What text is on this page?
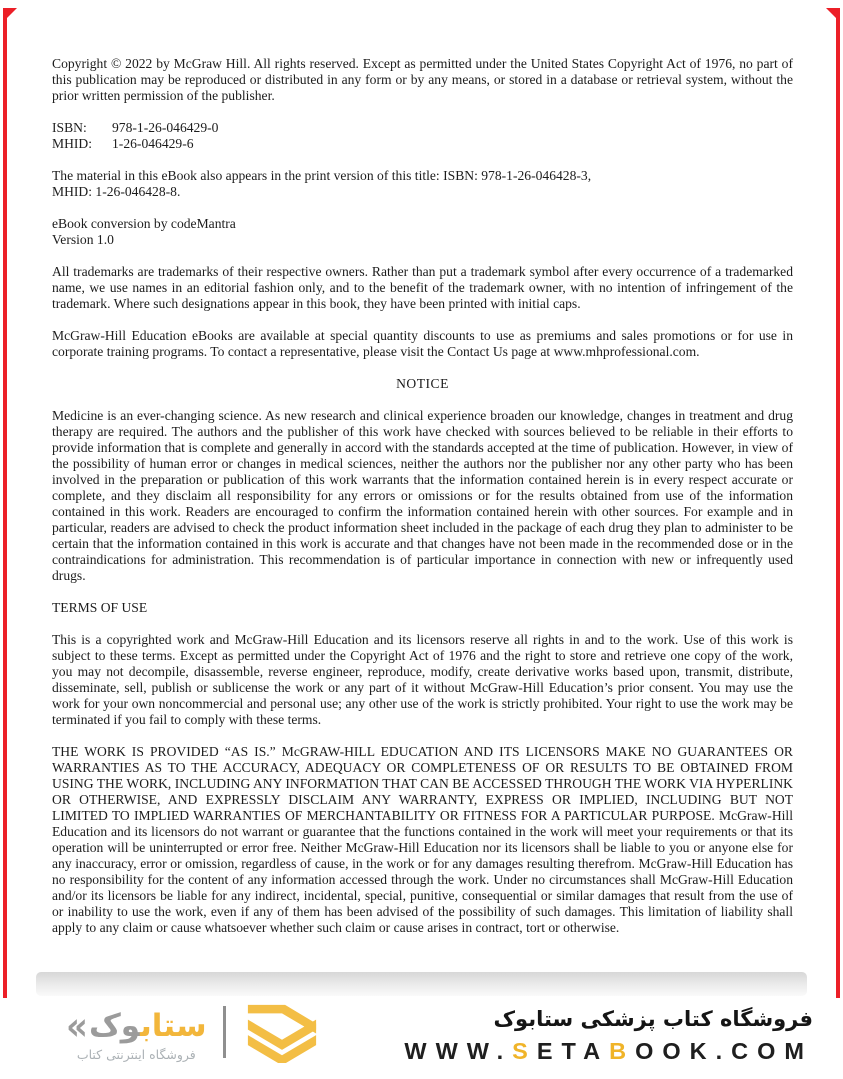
Copyright © 2022 by McGraw Hill. All rights reserved. Except as permitted under the United States Copyright Act of 1976, no part of this publication may be reproduced or distributed in any form or by any means, or stored in a database or retrieval system, without the prior written permission of the publisher.

ISBN: 978-1-26-046429-0
MHID: 1-26-046429-6
The material in this eBook also appears in the print version of this title: ISBN: 978-1-26-046428-3,
MHID: 1-26-046428-8.
eBook conversion by codeMantra
Version 1.0

All trademarks are trademarks of their respective owners. Rather than put a trademark symbol after every occurrence of a trademarked name, we use names in an editorial fashion only, and to the benefit of the trademark owner, with no intention of infringement of the trademark. Where such designations appear in this book, they have been printed with initial caps.

McGraw-Hill Education eBooks are available at special quantity discounts to use as premiums and sales promotions or for use in corporate training programs. To contact a representative, please visit the Contact Us page at www.mhprofessional.com.

NOTICE

Medicine is an ever-changing science. As new research and clinical experience broaden our knowledge, changes in treatment and drug therapy are required. The authors and the publisher of this work have checked with sources believed to be reliable in their efforts to provide information that is complete and generally in accord with the standards accepted at the time of publication. However, in view of the possibility of human error or changes in medical sciences, neither the authors nor the publisher nor any other party who has been involved in the preparation or publication of this work warrants that the information contained herein is in every respect accurate or complete, and they disclaim all responsibility for any errors or omissions or for the results obtained from use of the information contained in this work. Readers are encouraged to confirm the information contained herein with other sources. For example and in particular, readers are advised to check the product information sheet included in the package of each drug they plan to administer to be certain that the information contained in this work is accurate and that changes have not been made in the recommended dose or in the contraindications for administration. This recommendation is of particular importance in connection with new or infrequently used drugs.

TERMS OF USE

This is a copyrighted work and McGraw-Hill Education and its licensors reserve all rights in and to the work. Use of this work is subject to these terms. Except as permitted under the Copyright Act of 1976 and the right to store and retrieve one copy of the work, you may not decompile, disassemble, reverse engineer, reproduce, modify, create derivative works based upon, transmit, distribute, disseminate, sell, publish or sublicense the work or any part of it without McGraw-Hill Education’s prior consent. You may use the work for your own noncommercial and personal use; any other use of the work is strictly prohibited. Your right to use the work may be terminated if you fail to comply with these terms.

THE WORK IS PROVIDED “AS IS.” McGRAW-HILL EDUCATION AND ITS LICENSORS MAKE NO GUARANTEES OR WARRANTIES AS TO THE ACCURACY, ADEQUACY OR COMPLETENESS OF OR RESULTS TO BE OBTAINED FROM USING THE WORK, INCLUDING ANY INFORMATION THAT CAN BE ACCESSED THROUGH THE WORK VIA HYPERLINK OR OTHERWISE, AND EXPRESSLY DISCLAIM ANY WARRANTY, EXPRESS OR IMPLIED, INCLUDING BUT NOT LIMITED TO IMPLIED WARRANTIES OF MERCHANTABILITY OR FITNESS FOR A PARTICULAR PURPOSE. McGraw-Hill Education and its licensors do not warrant or guarantee that the functions contained in the work will meet your requirements or that its operation will be uninterrupted or error free. Neither McGraw-Hill Education nor its licensors shall be liable to you or anyone else for any inaccuracy, error or omission, regardless of cause, in the work or for any damages resulting therefrom. McGraw-Hill Education has no responsibility for the content of any information accessed through the work. Under no circumstances shall McGraw-Hill Education and/or its licensors be liable for any indirect, incidental, special, punitive, consequential or similar damages that result from the use of or inability to use the work, even if any of them has been advised of the possibility of such damages. This limitation of liability shall apply to any claim or cause whatsoever whether such claim or cause arises in contract, tort or otherwise.

«	ستابوک
فروشگاه اینترنتی کتاب
فروشگاه کتاب پزشکی ستابوک
WWW.SETABOOK.COM
